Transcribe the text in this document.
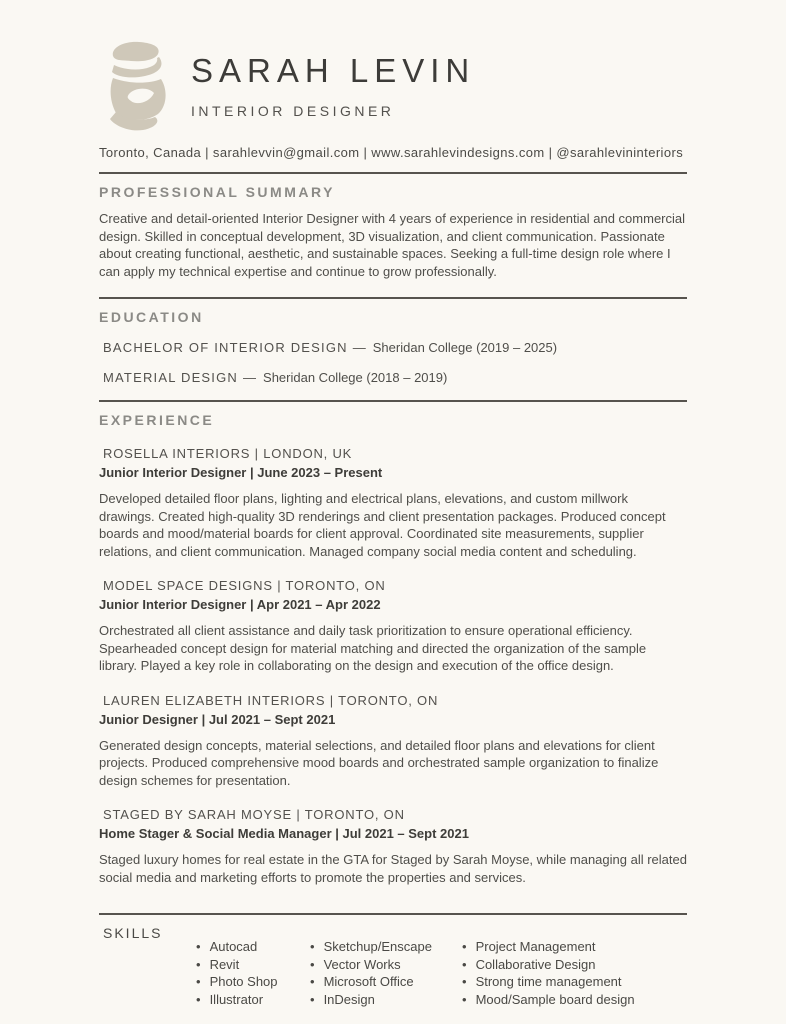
SARAH LEVIN
INTERIOR DESIGNER
Toronto, Canada | sarahlevvin@gmail.com | www.sarahlevindesigns.com | @sarahlevininteriors
PROFESSIONAL SUMMARY

Creative and detail-oriented Interior Designer with 4 years of experience in residential and commercial design. Skilled in conceptual development, 3D visualization, and client communication. Passionate about creating functional, aesthetic, and sustainable spaces. Seeking a full-time design role where I can apply my technical expertise and continue to grow professionally.

EDUCATION
BACHELOR OF INTERIOR DESIGN — Sheridan College (2019 – 2025)
MATERIAL DESIGN — Sheridan College (2018 – 2019)
EXPERIENCE
ROSELLA INTERIORS | LONDON, UK
Junior Interior Designer | June 2023 – Present

Developed detailed floor plans, lighting and electrical plans, elevations, and custom millwork drawings. Created high-quality 3D renderings and client presentation packages. Produced concept boards and mood/material boards for client approval. Coordinated site measurements, supplier relations, and client communication. Managed company social media content and scheduling.

MODEL SPACE DESIGNS | TORONTO, ON
Junior Interior Designer | Apr 2021 – Apr 2022

Orchestrated all client assistance and daily task prioritization to ensure operational efficiency. Spearheaded concept design for material matching and directed the organization of the sample library. Played a key role in collaborating on the design and execution of the office design.

LAUREN ELIZABETH INTERIORS | TORONTO, ON
Junior Designer | Jul 2021 – Sept 2021

Generated design concepts, material selections, and detailed floor plans and elevations for client projects. Produced comprehensive mood boards and orchestrated sample organization to finalize design schemes for presentation.

STAGED BY SARAH MOYSE | TORONTO, ON
Home Stager & Social Media Manager | Jul 2021 – Sept 2021

Staged luxury homes for real estate in the GTA for Staged by Sarah Moyse, while managing all related social media and marketing efforts to promote the properties and services.

SKILLS
• Autocad
• Revit
• Photo Shop
• Illustrator
• Sketchup/Enscape
• Vector Works
• Microsoft Office
• InDesign
• Project Management
• Collaborative Design
• Strong time management
• Mood/Sample board design
